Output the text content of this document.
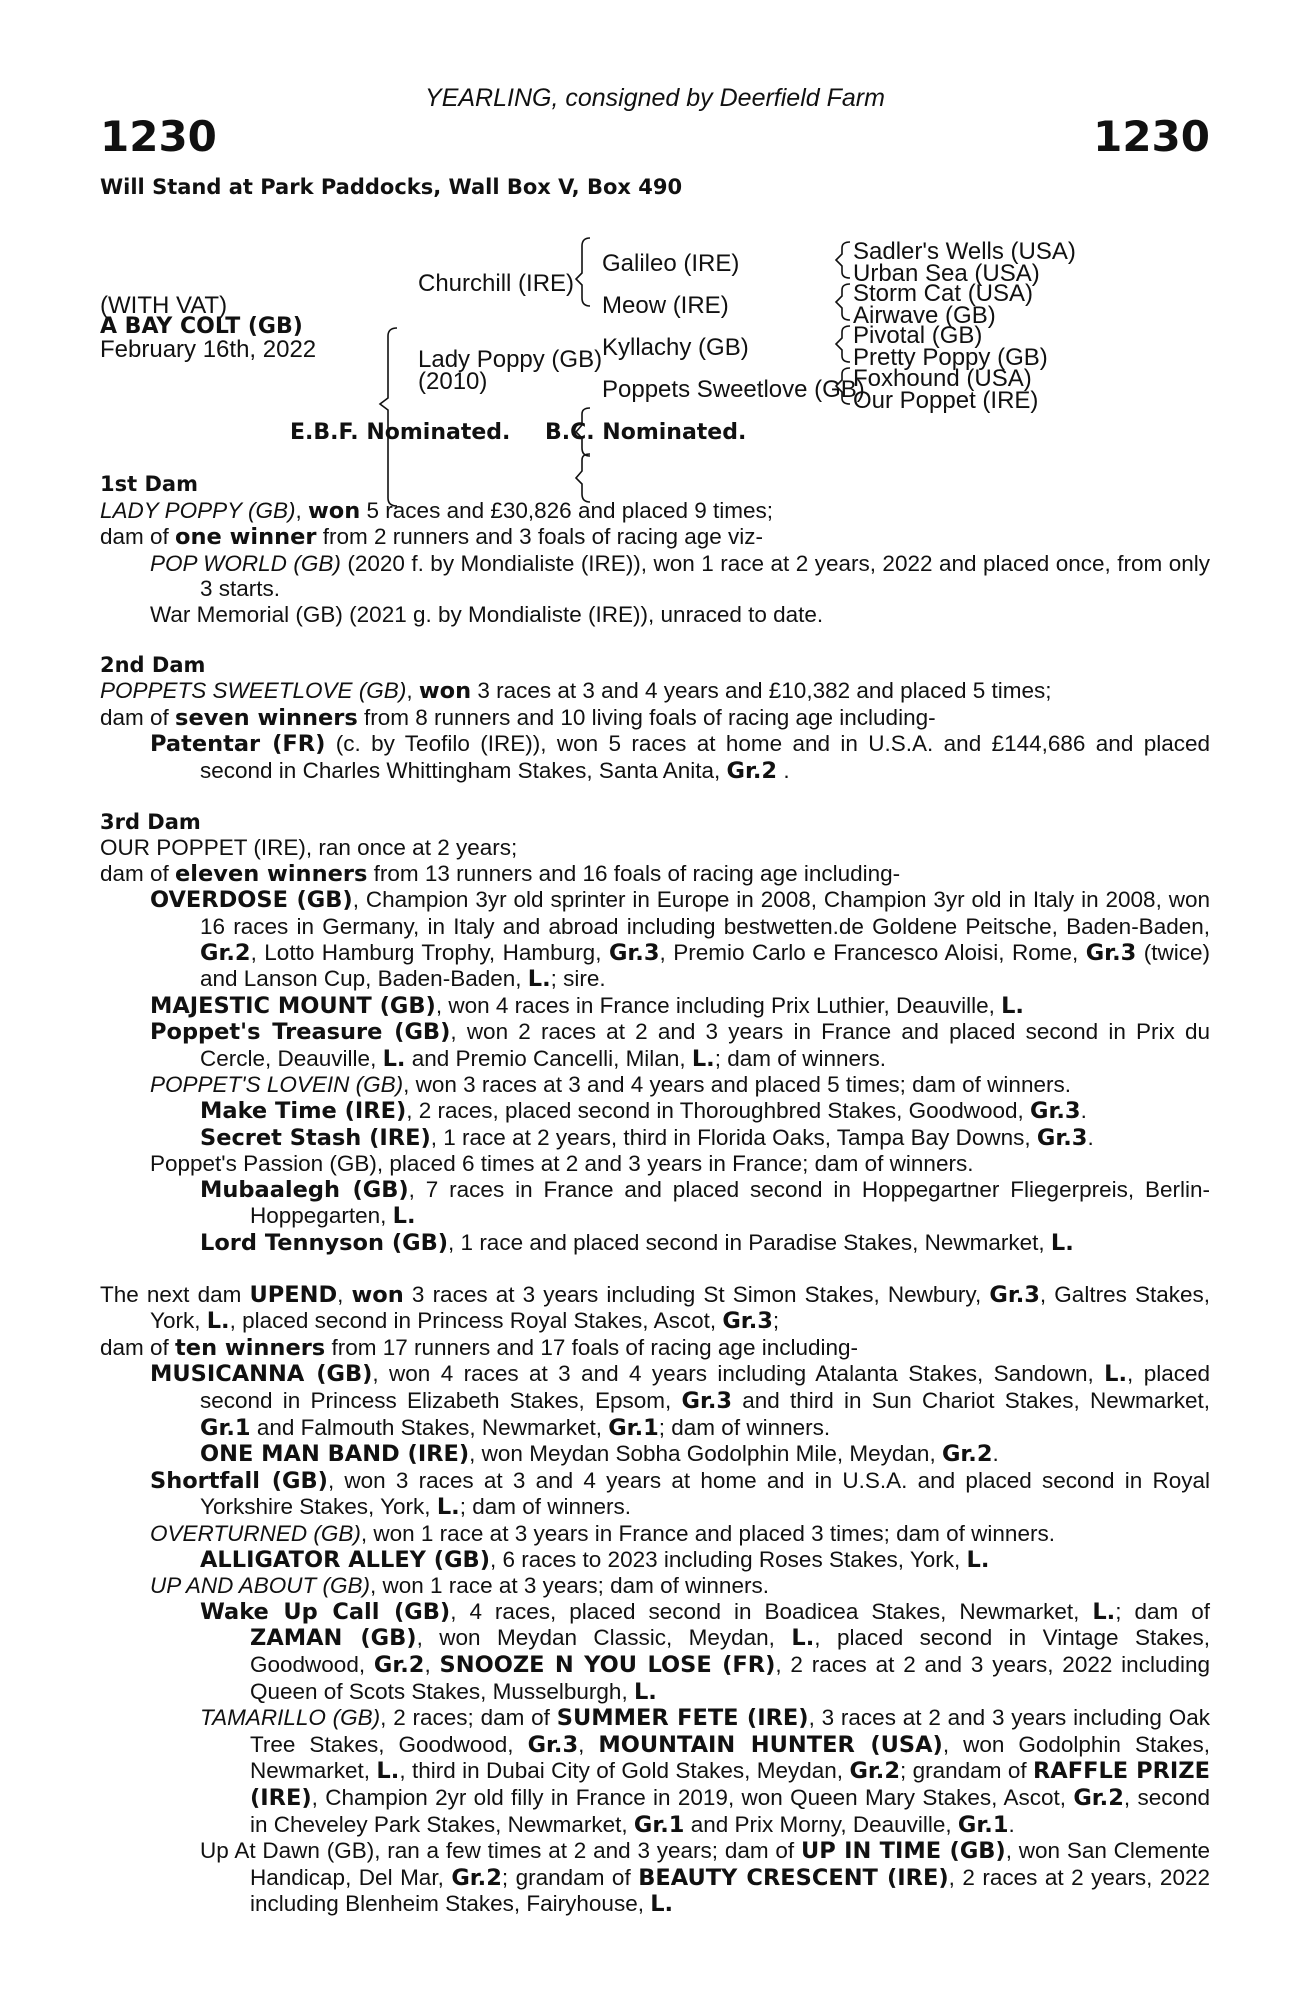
YEARLING, consigned by Deerfield Farm
1230	1230
Will Stand at Park Paddocks, Wall Box V, Box 490
(WITH VAT)
A BAY COLT (GB)
February 16th, 2022
Churchill (IRE)
Lady Poppy (GB)
(2010)
Galileo (IRE)
Meow (IRE)
Kyllachy (GB)
Poppets Sweetlove (GB)
Sadler's Wells (USA)
Urban Sea (USA)
Storm Cat (USA)
Airwave (GB)
Pivotal (GB)
Pretty Poppy (GB)
Foxhound (USA)
Our Poppet (IRE)
E.B.F. Nominated. B.C. Nominated.

1st Dam

LADY POPPY (GB), won 5 races and £30,826 and placed 9 times;

dam of one winner from 2 runners and 3 foals of racing age viz-

POP WORLD (GB) (2020 f. by Mondialiste (IRE)), won 1 race at 2 years, 2022 and placed once, from only 3 starts.

War Memorial (GB) (2021 g. by Mondialiste (IRE)), unraced to date.

2nd Dam

POPPETS SWEETLOVE (GB), won 3 races at 3 and 4 years and £10,382 and placed 5 times;

dam of seven winners from 8 runners and 10 living foals of racing age including-

Patentar (FR) (c. by Teofilo (IRE)), won 5 races at home and in U.S.A. and £144,686 and placed second in Charles Whittingham Stakes, Santa Anita, Gr.2 .

3rd Dam

OUR POPPET (IRE), ran once at 2 years;

dam of eleven winners from 13 runners and 16 foals of racing age including-

OVERDOSE (GB), Champion 3yr old sprinter in Europe in 2008, Champion 3yr old in Italy in 2008, won 16 races in Germany, in Italy and abroad including bestwetten.de Goldene Peitsche, Baden-Baden, Gr.2, Lotto Hamburg Trophy, Hamburg, Gr.3, Premio Carlo e Francesco Aloisi, Rome, Gr.3 (twice) and Lanson Cup, Baden-Baden, L.; sire.

MAJESTIC MOUNT (GB), won 4 races in France including Prix Luthier, Deauville, L.

Poppet's Treasure (GB), won 2 races at 2 and 3 years in France and placed second in Prix du Cercle, Deauville, L. and Premio Cancelli, Milan, L.; dam of winners.

POPPET'S LOVEIN (GB), won 3 races at 3 and 4 years and placed 5 times; dam of winners.

Make Time (IRE), 2 races, placed second in Thoroughbred Stakes, Goodwood, Gr.3.

Secret Stash (IRE), 1 race at 2 years, third in Florida Oaks, Tampa Bay Downs, Gr.3.

Poppet's Passion (GB), placed 6 times at 2 and 3 years in France; dam of winners.

Mubaalegh (GB), 7 races in France and placed second in Hoppegartner Fliegerpreis, Berlin-Hoppegarten, L.

Lord Tennyson (GB), 1 race and placed second in Paradise Stakes, Newmarket, L.

The next dam UPEND, won 3 races at 3 years including St Simon Stakes, Newbury, Gr.3, Galtres Stakes, York, L., placed second in Princess Royal Stakes, Ascot, Gr.3;

dam of ten winners from 17 runners and 17 foals of racing age including-

MUSICANNA (GB), won 4 races at 3 and 4 years including Atalanta Stakes, Sandown, L., placed second in Princess Elizabeth Stakes, Epsom, Gr.3 and third in Sun Chariot Stakes, Newmarket, Gr.1 and Falmouth Stakes, Newmarket, Gr.1; dam of winners.

ONE MAN BAND (IRE), won Meydan Sobha Godolphin Mile, Meydan, Gr.2.

Shortfall (GB), won 3 races at 3 and 4 years at home and in U.S.A. and placed second in Royal Yorkshire Stakes, York, L.; dam of winners.

OVERTURNED (GB), won 1 race at 3 years in France and placed 3 times; dam of winners.

ALLIGATOR ALLEY (GB), 6 races to 2023 including Roses Stakes, York, L.

UP AND ABOUT (GB), won 1 race at 3 years; dam of winners.

Wake Up Call (GB), 4 races, placed second in Boadicea Stakes, Newmarket, L.; dam of ZAMAN (GB), won Meydan Classic, Meydan, L., placed second in Vintage Stakes, Goodwood, Gr.2, SNOOZE N YOU LOSE (FR), 2 races at 2 and 3 years, 2022 including Queen of Scots Stakes, Musselburgh, L.

TAMARILLO (GB), 2 races; dam of SUMMER FETE (IRE), 3 races at 2 and 3 years including Oak Tree Stakes, Goodwood, Gr.3, MOUNTAIN HUNTER (USA), won Godolphin Stakes, Newmarket, L., third in Dubai City of Gold Stakes, Meydan, Gr.2; grandam of RAFFLE PRIZE (IRE), Champion 2yr old filly in France in 2019, won Queen Mary Stakes, Ascot, Gr.2, second in Cheveley Park Stakes, Newmarket, Gr.1 and Prix Morny, Deauville, Gr.1.

Up At Dawn (GB), ran a few times at 2 and 3 years; dam of UP IN TIME (GB), won San Clemente Handicap, Del Mar, Gr.2; grandam of BEAUTY CRESCENT (IRE), 2 races at 2 years, 2022 including Blenheim Stakes, Fairyhouse, L.
